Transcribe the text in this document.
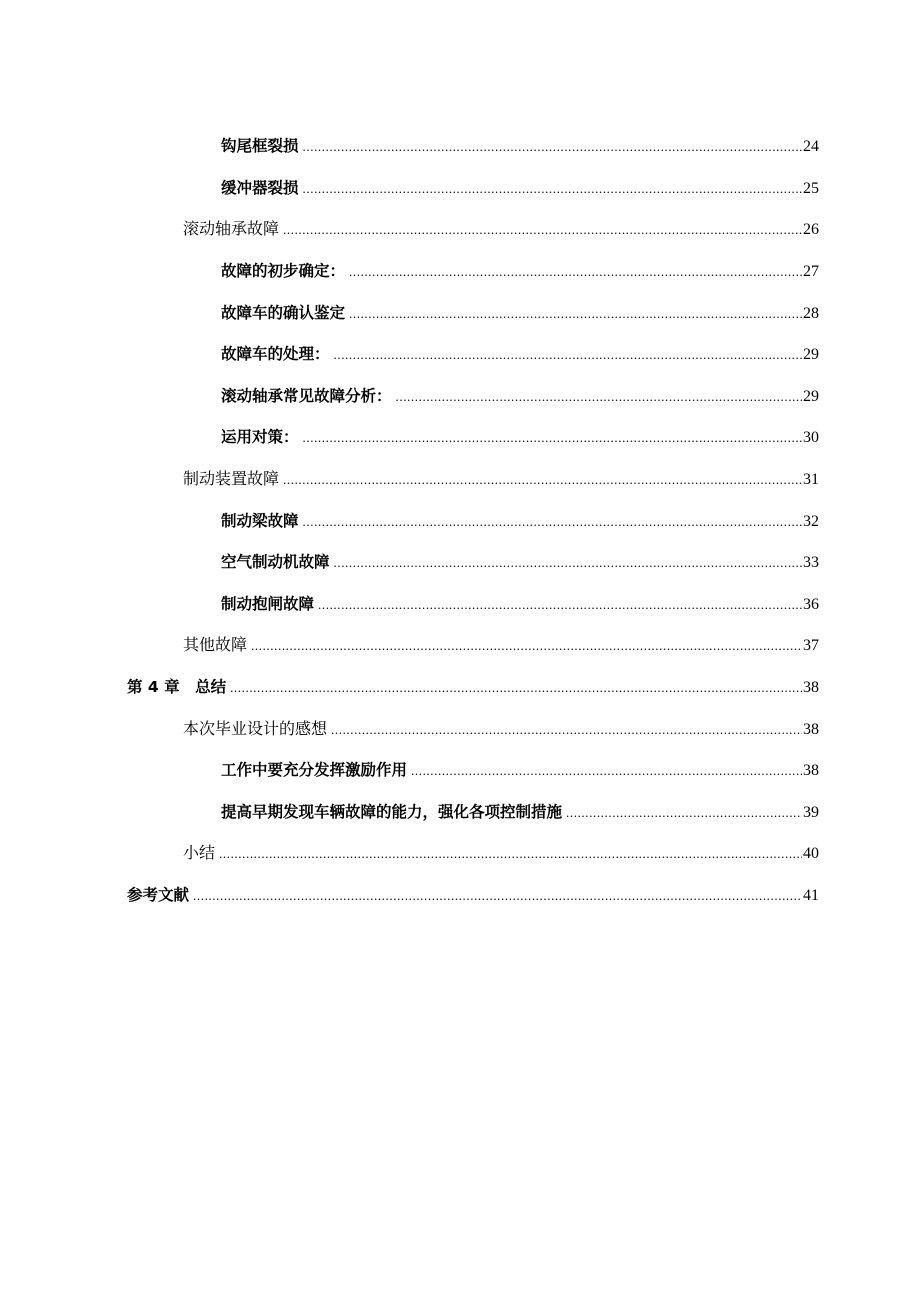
钩尾框裂损 .....	24
缓冲器裂损 .....	25
滚动轴承故障 .....	26
故障的初步确定： .....	27
故障车的确认鉴定 .....	28
故障车的处理： .....	29
滚动轴承常见故障分析： .....	29
运用对策： .....	30
制动装置故障 .....	31
制动梁故障 .....	32
空气制动机故障 .....	33
制动抱闸故障 .....	36
其他故障 .....	37
第 4 章　总结 .....	38
本次毕业设计的感想 .....	38
工作中要充分发挥激励作用 .....	38
提高早期发现车辆故障的能力，强化各项控制措施 .....	39
小结 .....	40
参考文献 .....	41
